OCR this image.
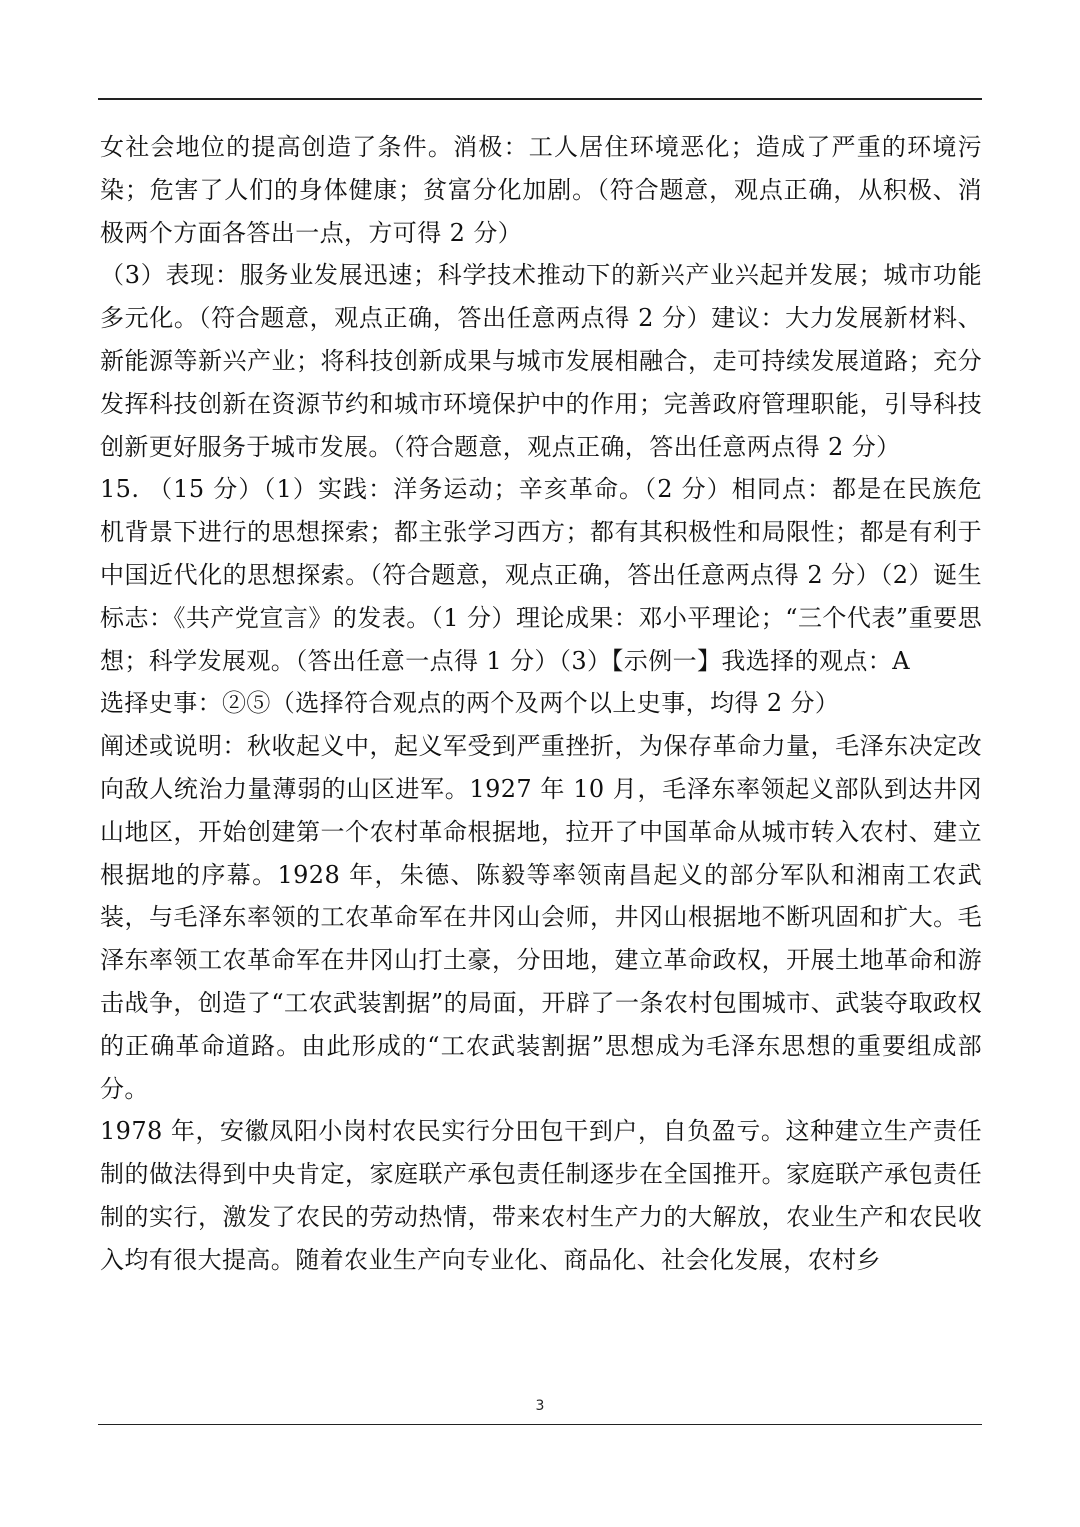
女社会地位的提高创造了条件。消极：工人居住环境恶化；造成了严重的环境污染；危害了人们的身体健康；贫富分化加剧。（符合题意，观点正确，从积极、消极两个方面各答出一点，方可得 2 分）

（3）表现：服务业发展迅速；科学技术推动下的新兴产业兴起并发展；城市功能多元化。（符合题意，观点正确，答出任意两点得 2 分）建议：大力发展新材料、新能源等新兴产业；将科技创新成果与城市发展相融合，走可持续发展道路；充分发挥科技创新在资源节约和城市环境保护中的作用；完善政府管理职能，引导科技创新更好服务于城市发展。（符合题意，观点正确，答出任意两点得 2 分）

15. （15 分）（1）实践：洋务运动；辛亥革命。（2 分）相同点：都是在民族危机背景下进行的思想探索；都主张学习西方；都有其积极性和局限性；都是有利于中国近代化的思想探索。（符合题意，观点正确，答出任意两点得 2 分）（2）诞生标志：《共产党宣言》的发表。（1 分）理论成果：邓小平理论；“三个代表”重要思想；科学发展观。（答出任意一点得 1 分）（3）【示例一】我选择的观点：A

选择史事：②⑤（选择符合观点的两个及两个以上史事，均得 2 分）

阐述或说明：秋收起义中，起义军受到严重挫折，为保存革命力量，毛泽东决定改向敌人统治力量薄弱的山区进军。1927 年 10 月，毛泽东率领起义部队到达井冈山地区，开始创建第一个农村革命根据地，拉开了中国革命从城市转入农村、建立根据地的序幕。1928 年，朱德、陈毅等率领南昌起义的部分军队和湘南工农武装，与毛泽东率领的工农革命军在井冈山会师，井冈山根据地不断巩固和扩大。毛泽东率领工农革命军在井冈山打土豪，分田地，建立革命政权，开展土地革命和游击战争，创造了“工农武装割据”的局面，开辟了一条农村包围城市、武装夺取政权的正确革命道路。由此形成的“工农武装割据”思想成为毛泽东思想的重要组成部分。

1978 年，安徽凤阳小岗村农民实行分田包干到户，自负盈亏。这种建立生产责任制的做法得到中央肯定，家庭联产承包责任制逐步在全国推开。家庭联产承包责任制的实行，激发了农民的劳动热情，带来农村生产力的大解放，农业生产和农民收入均有很大提高。随着农业生产向专业化、商品化、社会化发展，农村乡

3
